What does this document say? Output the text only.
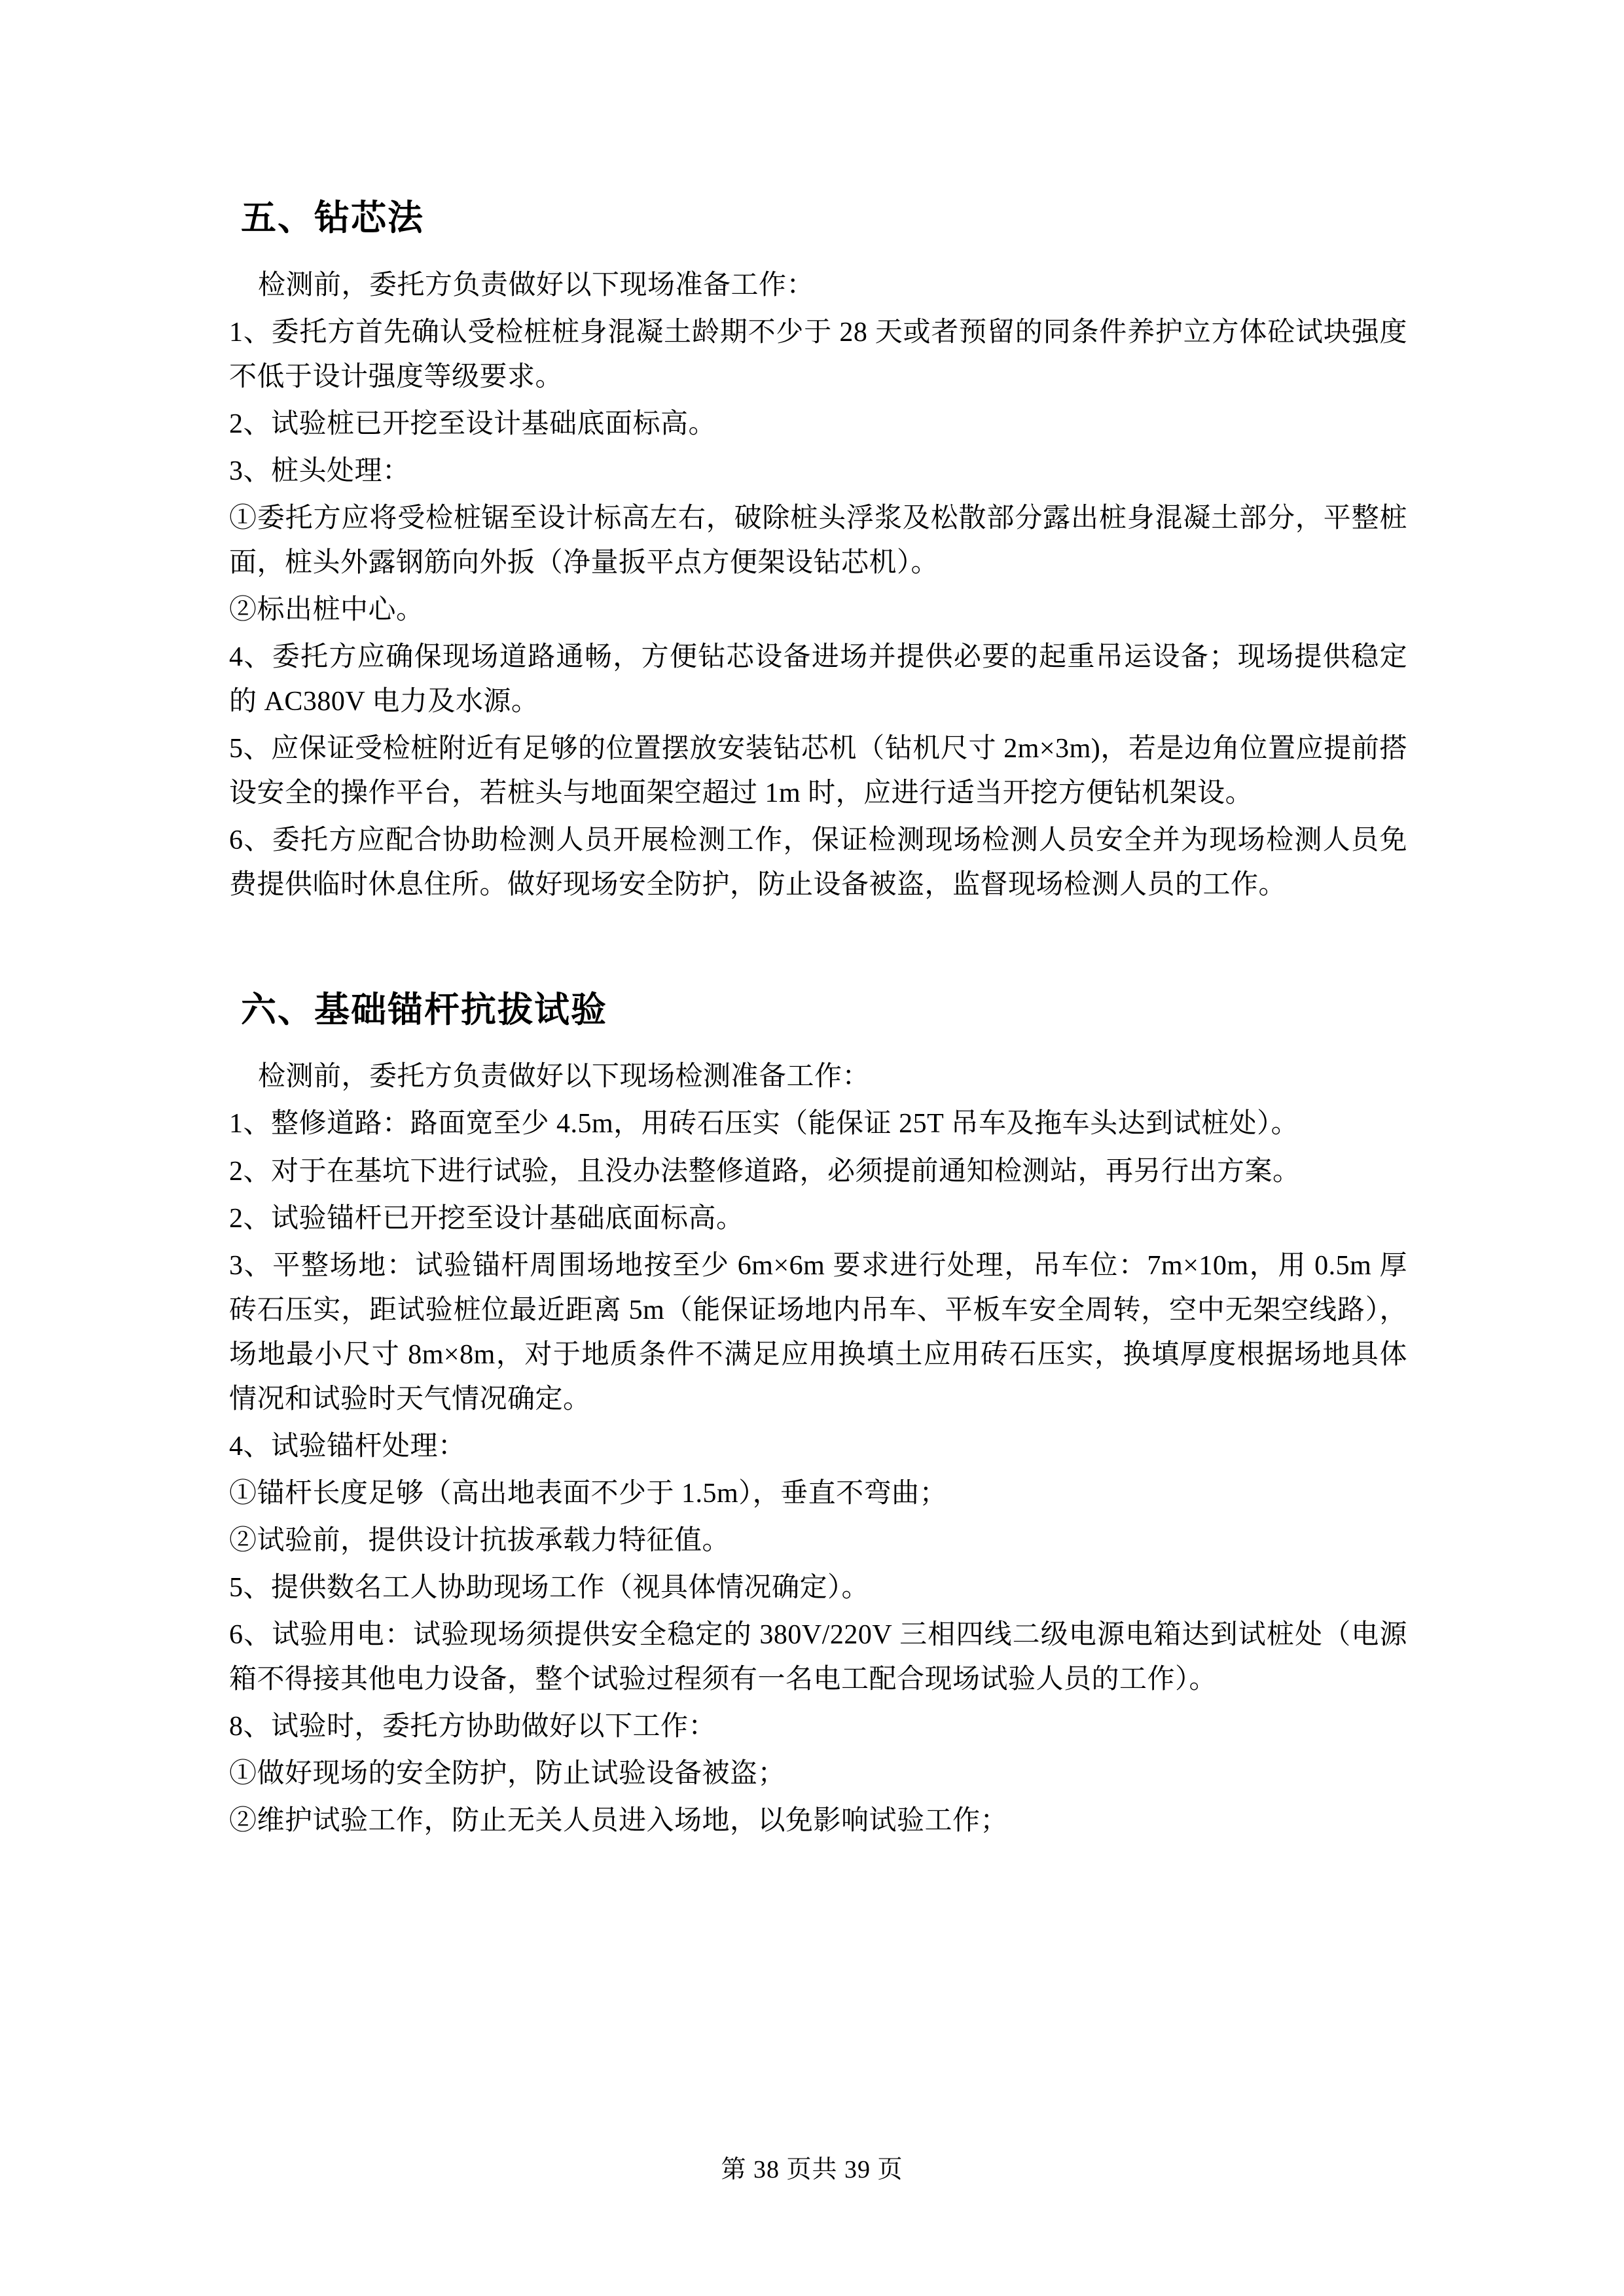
五、钻芯法

检测前，委托方负责做好以下现场准备工作：

1、委托方首先确认受检桩桩身混凝土龄期不少于 28 天或者预留的同条件养护立方体砼试块强度不低于设计强度等级要求。

2、试验桩已开挖至设计基础底面标高。

3、桩头处理：

①委托方应将受检桩锯至设计标高左右，破除桩头浮浆及松散部分露出桩身混凝土部分，平整桩面，桩头外露钢筋向外扳（净量扳平点方便架设钻芯机）。

②标出桩中心。

4、委托方应确保现场道路通畅，方便钻芯设备进场并提供必要的起重吊运设备；现场提供稳定的 AC380V 电力及水源。

5、应保证受检桩附近有足够的位置摆放安装钻芯机（钻机尺寸 2m×3m)，若是边角位置应提前搭设安全的操作平台，若桩头与地面架空超过 1m 时，应进行适当开挖方便钻机架设。

6、委托方应配合协助检测人员开展检测工作，保证检测现场检测人员安全并为现场检测人员免费提供临时休息住所。做好现场安全防护，防止设备被盗，监督现场检测人员的工作。

六、基础锚杆抗拔试验

检测前，委托方负责做好以下现场检测准备工作：

1、整修道路：路面宽至少 4.5m，用砖石压实（能保证 25T 吊车及拖车头达到试桩处）。

2、对于在基坑下进行试验，且没办法整修道路，必须提前通知检测站，再另行出方案。

2、试验锚杆已开挖至设计基础底面标高。

3、平整场地：试验锚杆周围场地按至少 6m×6m 要求进行处理，吊车位：7m×10m，用 0.5m 厚砖石压实，距试验桩位最近距离 5m（能保证场地内吊车、平板车安全周转，空中无架空线路），场地最小尺寸 8m×8m，对于地质条件不满足应用换填土应用砖石压实，换填厚度根据场地具体情况和试验时天气情况确定。

4、试验锚杆处理：

①锚杆长度足够（高出地表面不少于 1.5m），垂直不弯曲；

②试验前，提供设计抗拔承载力特征值。

5、提供数名工人协助现场工作（视具体情况确定）。

6、试验用电：试验现场须提供安全稳定的 380V/220V 三相四线二级电源电箱达到试桩处（电源箱不得接其他电力设备，整个试验过程须有一名电工配合现场试验人员的工作）。

8、试验时，委托方协助做好以下工作：

①做好现场的安全防护，防止试验设备被盗；

②维护试验工作，防止无关人员进入场地，以免影响试验工作；

第 38 页共 39 页
